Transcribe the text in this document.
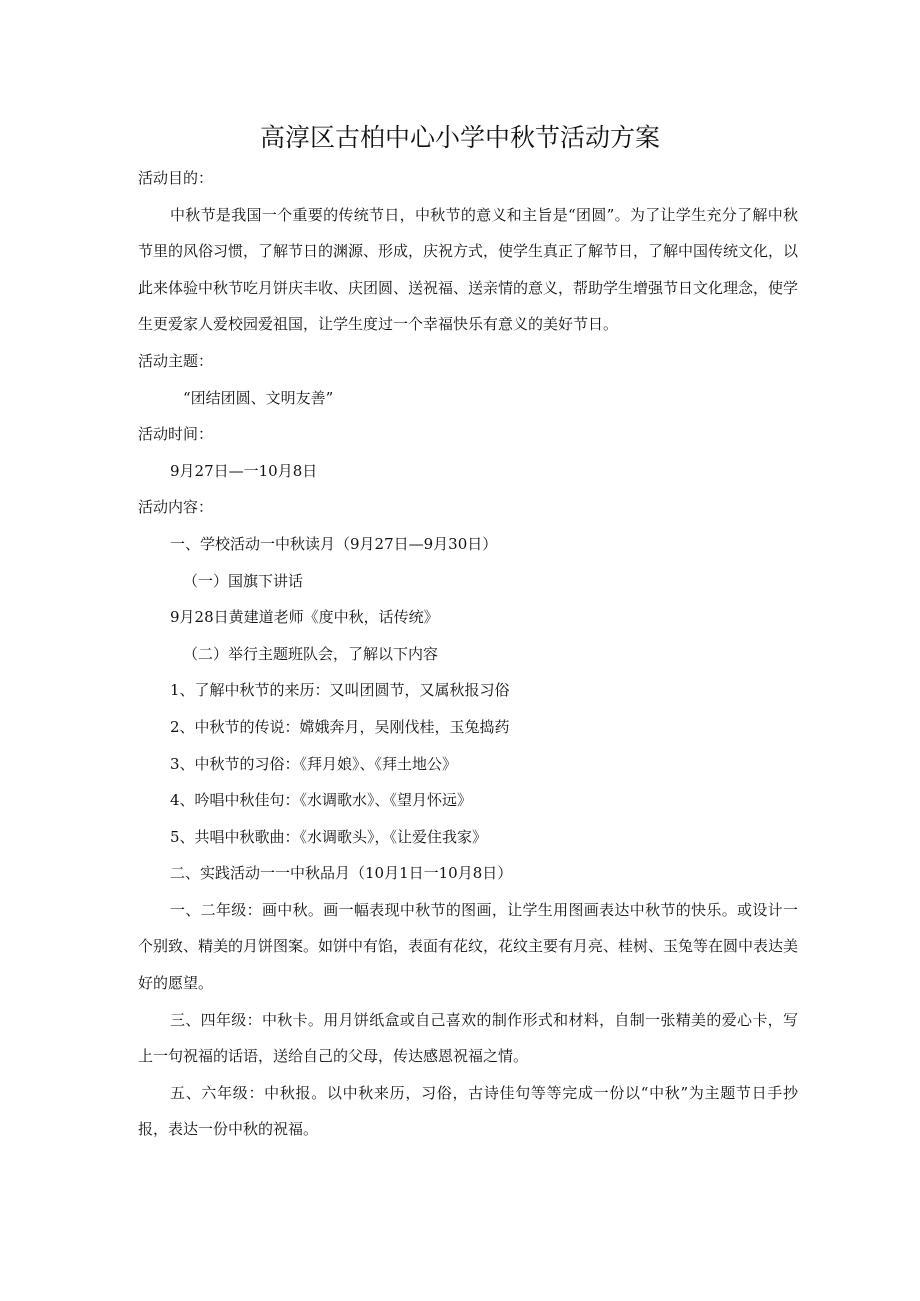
高淳区古柏中心小学中秋节活动方案

活动目的：

中秋节是我国一个重要的传统节日，中秋节的意义和主旨是“团圆”。为了让学生充分了解中秋节里的风俗习惯，了解节日的渊源、形成，庆祝方式，使学生真正了解节日，了解中国传统文化，以此来体验中秋节吃月饼庆丰收、庆团圆、送祝福、送亲情的意义，帮助学生增强节日文化理念，使学生更爱家人爱校园爱祖国，让学生度过一个幸福快乐有意义的美好节日。

活动主题：

“团结团圆、文明友善”

活动时间：

9月27日—一10月8日

活动内容：

一、学校活动一中秋读月（9月27日—9月30日）

（一）国旗下讲话

9月28日黄建道老师《度中秋，话传统》

（二）举行主题班队会，了解以下内容

1、了解中秋节的来历：又叫团圆节，又属秋报习俗

2、中秋节的传说：嫦娥奔月，吴刚伐桂，玉兔捣药

3、中秋节的习俗：《拜月娘》、《拜土地公》

4、吟唱中秋佳句：《水调歌水》、《望月怀远》

5、共唱中秋歌曲：《水调歌头》，《让爱住我家》

二、实践活动一一中秋品月（10月1日一10月8日）

一、二年级：画中秋。画一幅表现中秋节的图画，让学生用图画表达中秋节的快乐。或设计一个别致、精美的月饼图案。如饼中有馅，表面有花纹，花纹主要有月亮、桂树、玉兔等在圆中表达美好的愿望。

三、四年级：中秋卡。用月饼纸盒或自己喜欢的制作形式和材料，自制一张精美的爱心卡，写上一句祝福的话语，送给自己的父母，传达感恩祝福之情。

五、六年级：中秋报。以中秋来历，习俗，古诗佳句等等完成一份以“中秋”为主题节日手抄报，表达一份中秋的祝福。
